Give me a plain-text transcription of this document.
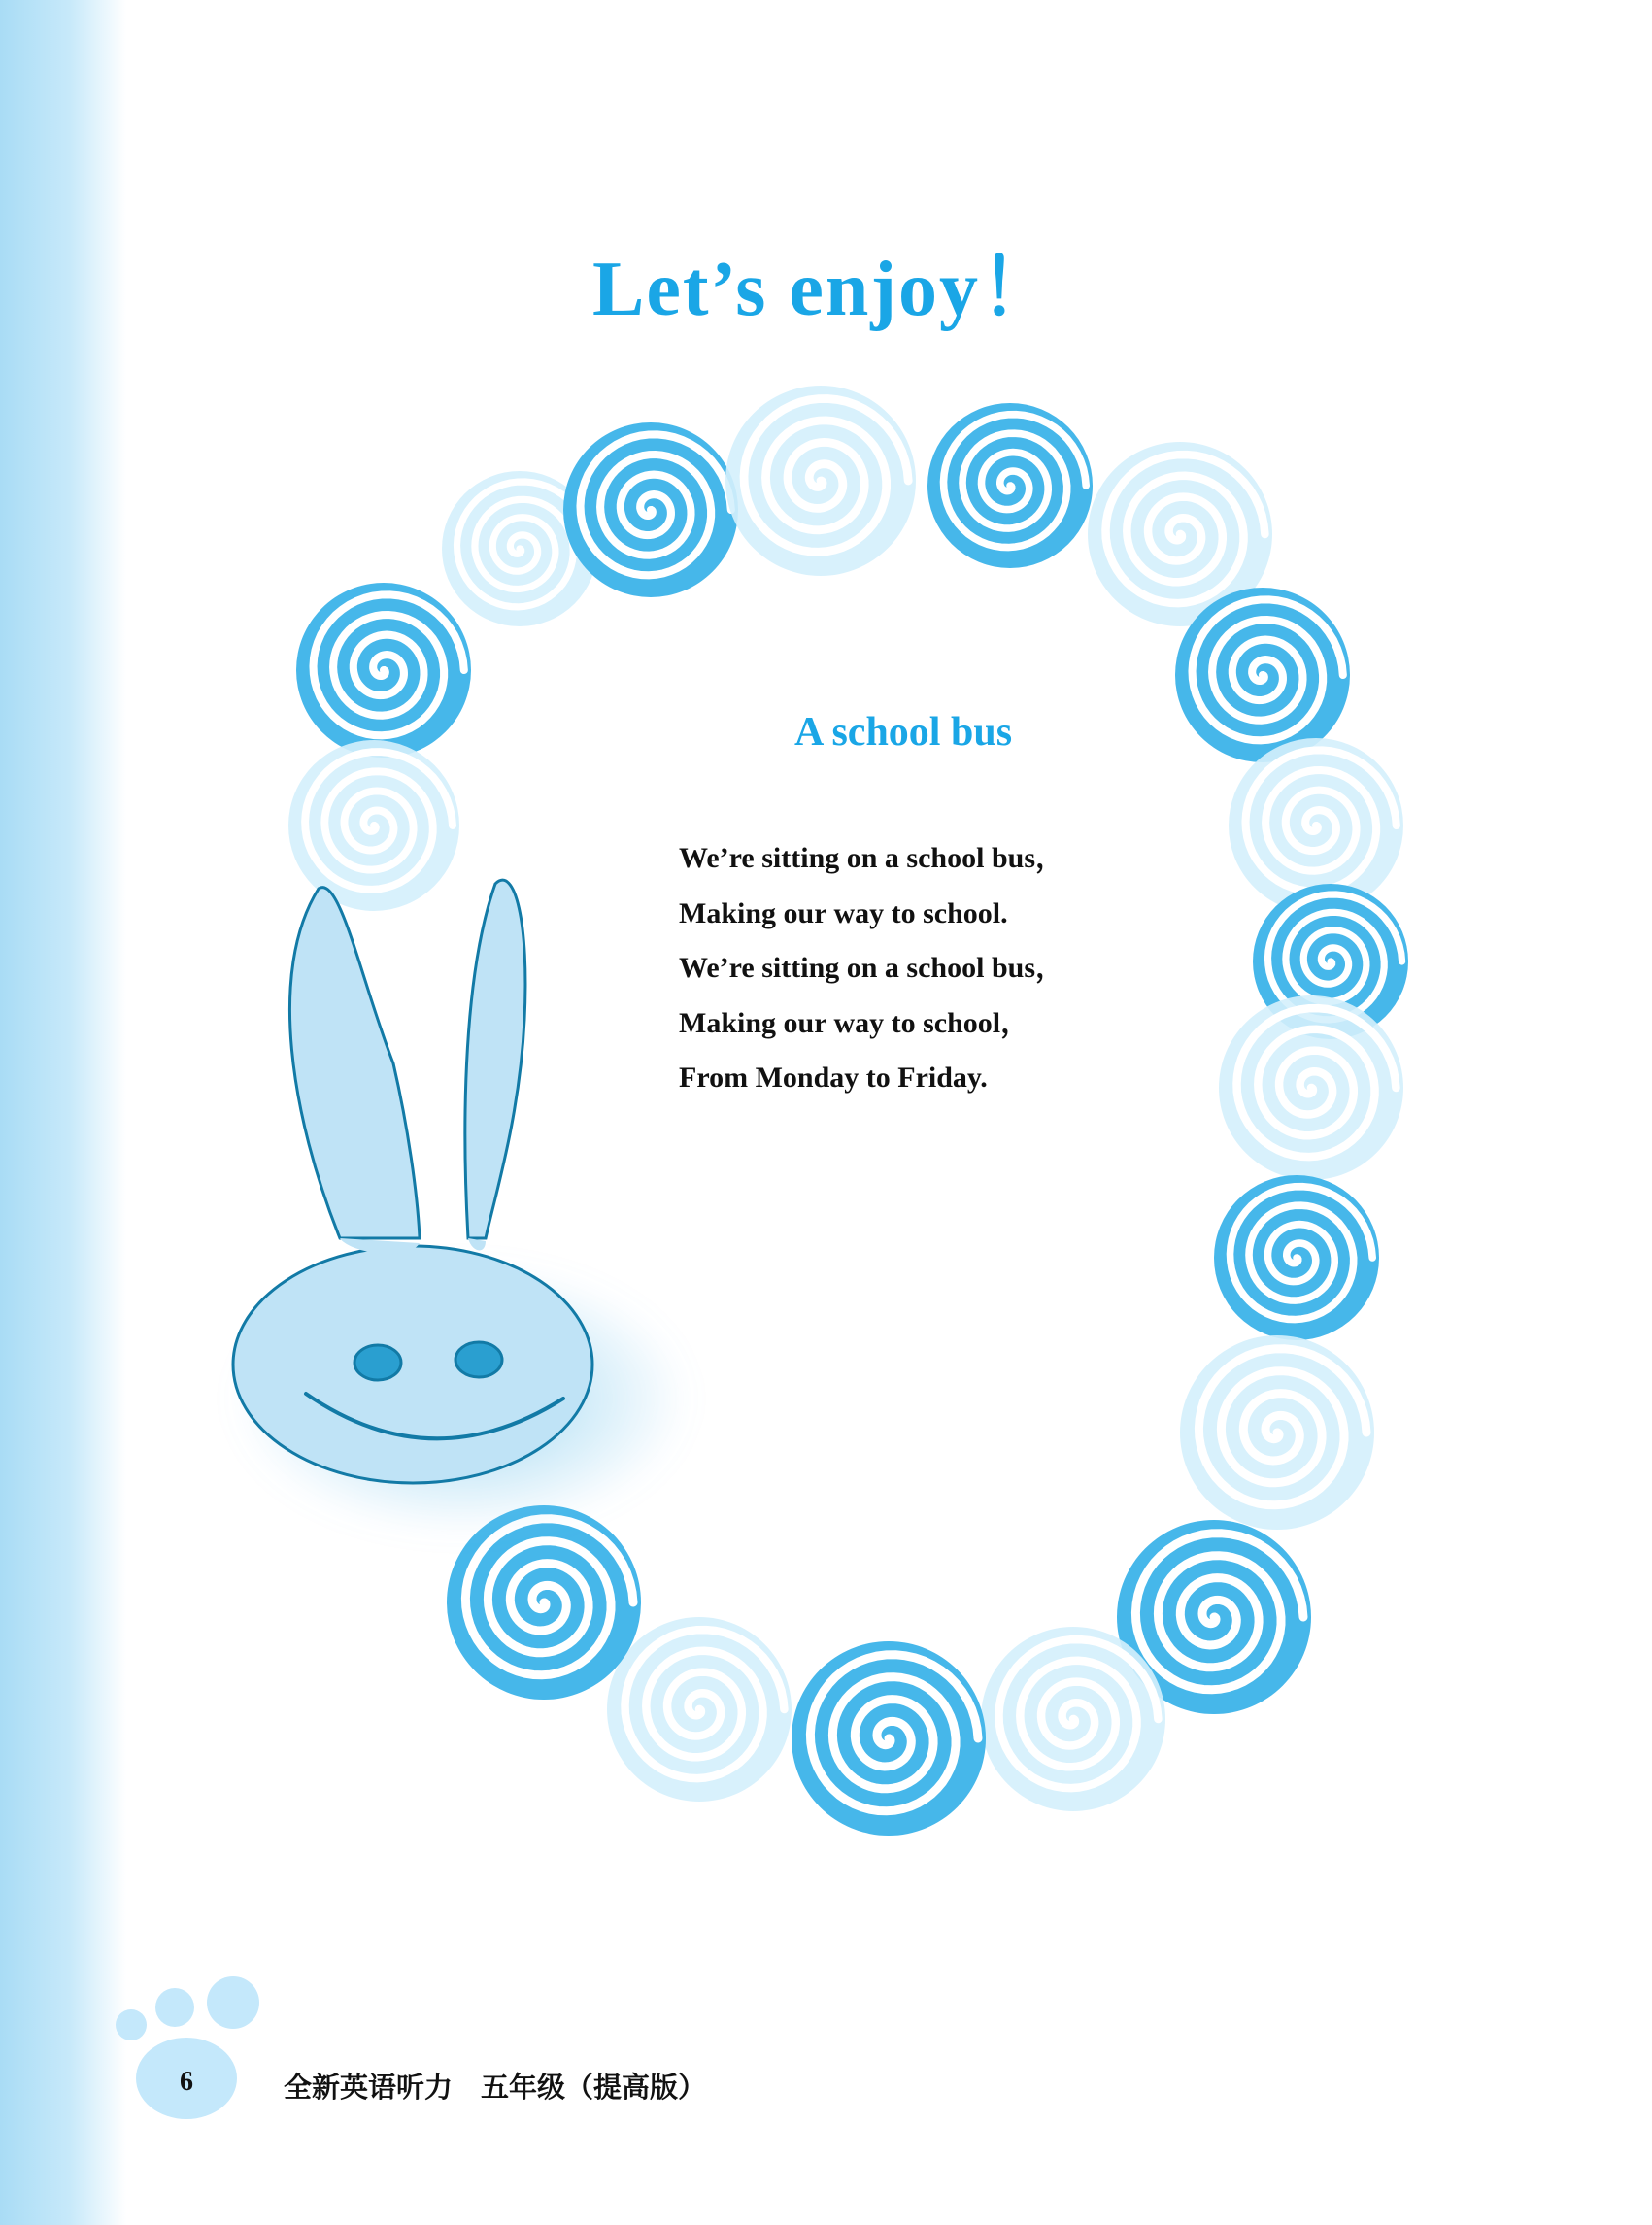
Let’s enjoy！
A school bus
We’re sitting on a school bus，
Making our way to school.
We’re sitting on a school bus，
Making our way to school，
From Monday to Friday.
6	全新英语听力　五年级（提高版）
